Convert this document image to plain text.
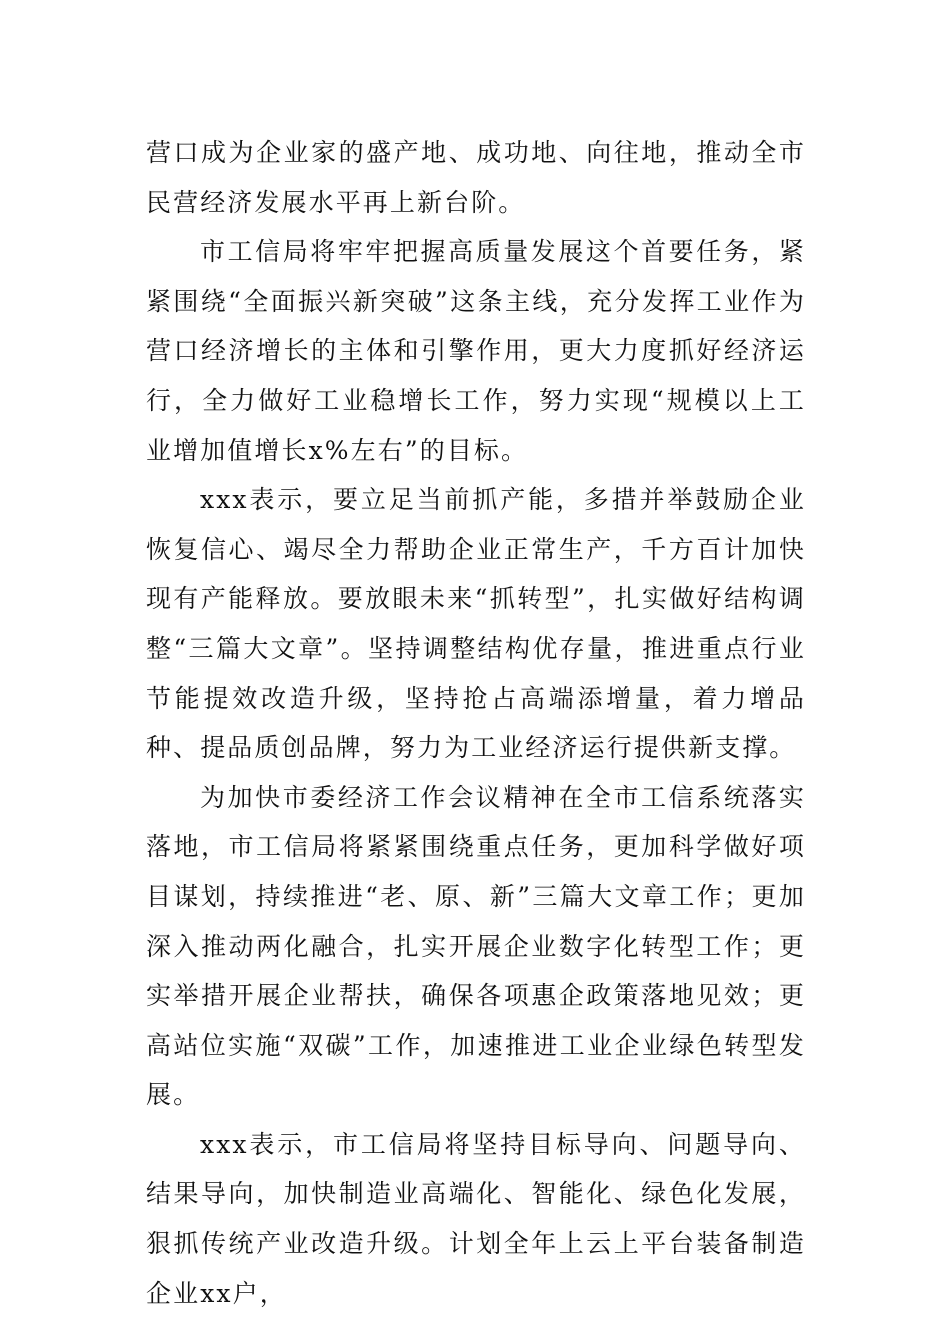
营口成为企业家的盛产地、成功地、向往地，推动全市民营经济发展水平再上新台阶。

市工信局将牢牢把握高质量发展这个首要任务，紧紧围绕“全面振兴新突破”这条主线，充分发挥工业作为营口经济增长的主体和引擎作用，更大力度抓好经济运行，全力做好工业稳增长工作，努力实现“规模以上工业增加值增长x%左右”的目标。

xxx表示，要立足当前抓产能，多措并举鼓励企业恢复信心、竭尽全力帮助企业正常生产，千方百计加快现有产能释放。要放眼未来“抓转型”，扎实做好结构调整“三篇大文章”。坚持调整结构优存量，推进重点行业节能提效改造升级，坚持抢占高端添增量，着力增品种、提品质创品牌，努力为工业经济运行提供新支撑。

为加快市委经济工作会议精神在全市工信系统落实落地，市工信局将紧紧围绕重点任务，更加科学做好项目谋划，持续推进“老、原、新”三篇大文章工作；更加深入推动两化融合，扎实开展企业数字化转型工作；更实举措开展企业帮扶，确保各项惠企政策落地见效；更高站位实施“双碳”工作，加速推进工业企业绿色转型发展。

xxx表示，市工信局将坚持目标导向、问题导向、结果导向，加快制造业高端化、智能化、绿色化发展，狠抓传统产业改造升级。计划全年上云上平台装备制造企业xx户，
